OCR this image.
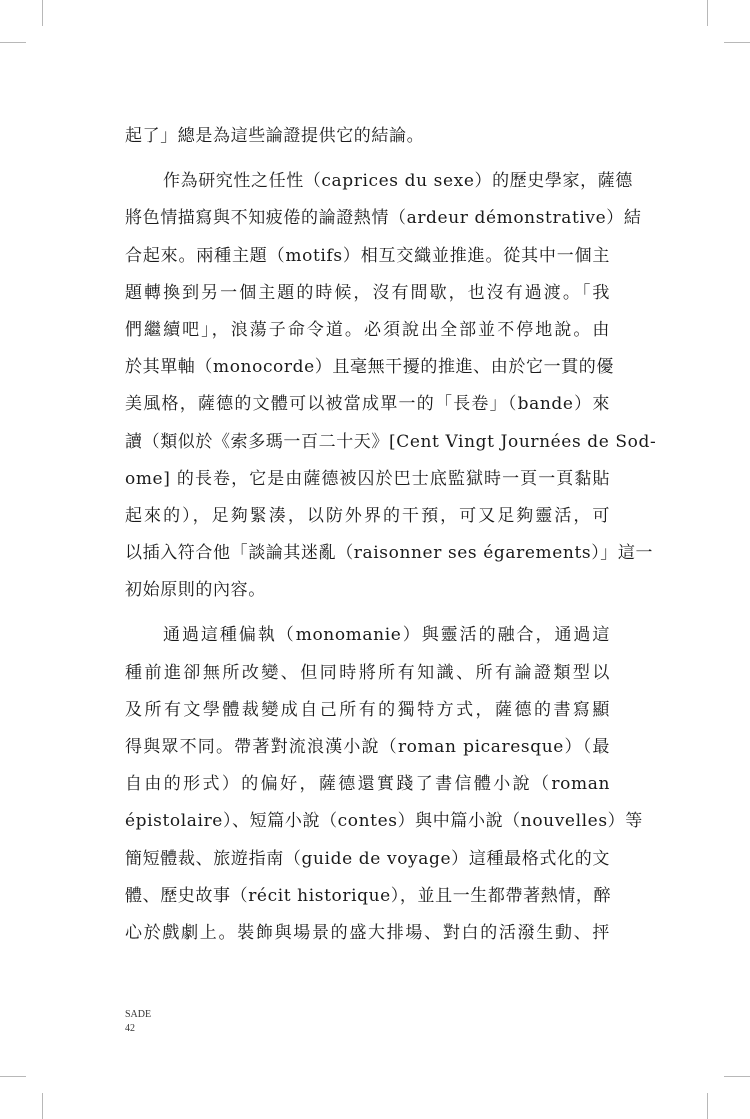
起了」總是為這些論證提供它的結論。
作為研究性之任性（caprices du sexe）的歷史學家，薩德
將色情描寫與不知疲倦的論證熱情（ardeur démonstrative）結
合起來。兩種主題（motifs）相互交織並推進。從其中一個主
題轉換到另一個主題的時候，沒有間歇，也沒有過渡。「我
們繼續吧」，浪蕩子命令道。必須說出全部並不停地說。由
於其單軸（monocorde）且毫無干擾的推進、由於它一貫的優
美風格，薩德的文體可以被當成單一的「長卷」（bande）來
讀（類似於《索多瑪一百二十天》[Cent Vingt Journées de Sod-
ome] 的長卷，它是由薩德被囚於巴士底監獄時一頁一頁黏貼
起來的），足夠緊湊，以防外界的干預，可又足夠靈活，可
以插入符合他「談論其迷亂（raisonner ses égarements）」這一
初始原則的內容。
通過這種偏執（monomanie）與靈活的融合，通過這
種前進卻無所改變、但同時將所有知識、所有論證類型以
及所有文學體裁變成自己所有的獨特方式，薩德的書寫顯
得與眾不同。帶著對流浪漢小說（roman picaresque）（最
自由的形式）的偏好，薩德還實踐了書信體小說（roman
épistolaire）、短篇小說（contes）與中篇小說（nouvelles）等
簡短體裁、旅遊指南（guide de voyage）這種最格式化的文
體、歷史故事（récit historique），並且一生都帶著熱情，醉
心於戲劇上。裝飾與場景的盛大排場、對白的活潑生動、抨
SADE
42
